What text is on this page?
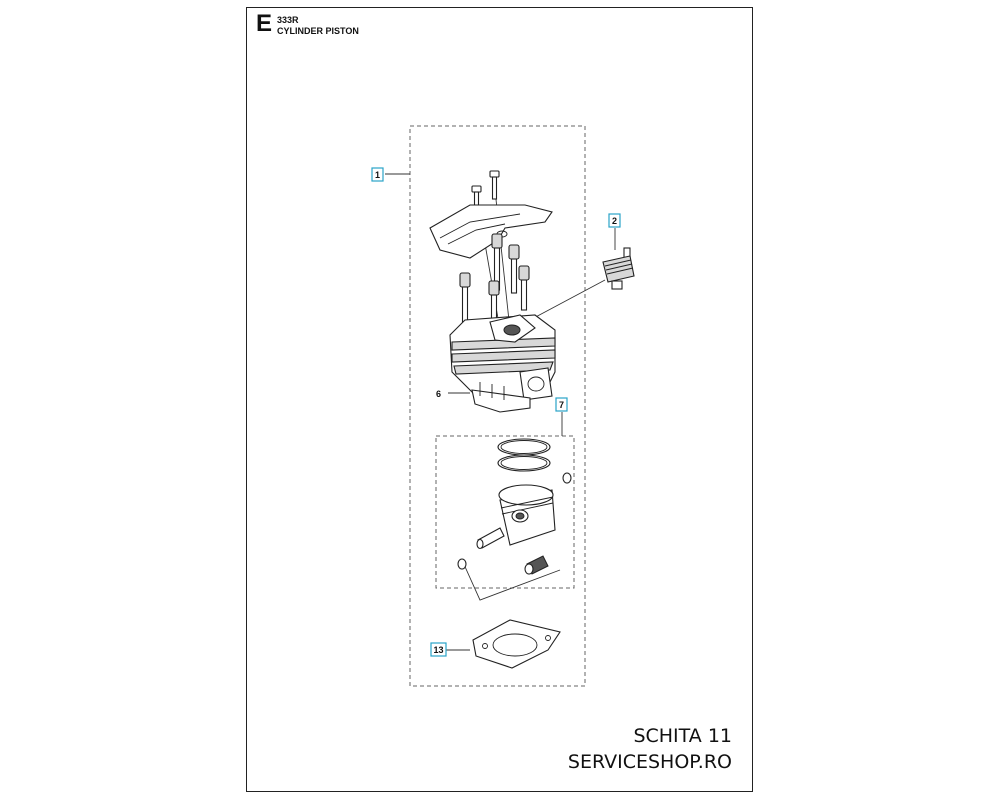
E 333R
CYLINDER PISTON
1
2
6
7
13
SCHITA 11
SERVICESHOP.RO
